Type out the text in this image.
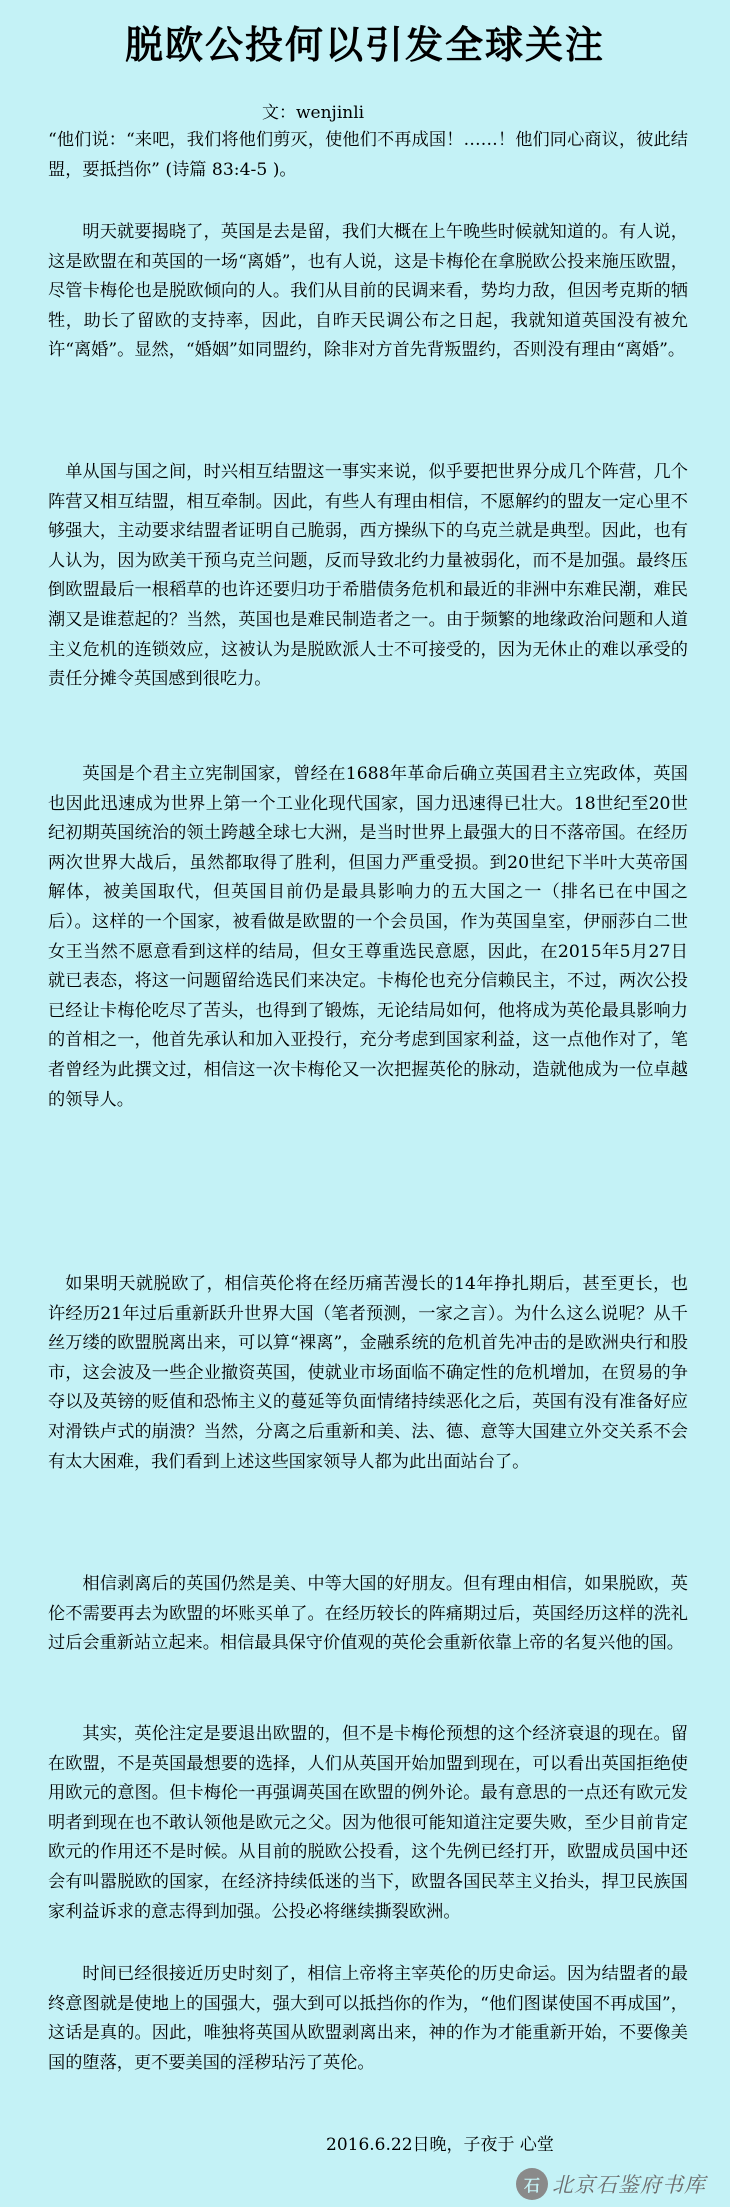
脱欧公投何以引发全球关注
文：wenjinli

“他们说：“来吧，我们将他们剪灭，使他们不再成国！……！他们同心商议，彼此结盟，要抵挡你” (诗篇 83:4-5 )。

明天就要揭晓了，英国是去是留，我们大概在上午晚些时候就知道的。有人说，这是欧盟在和英国的一场“离婚”，也有人说，这是卡梅伦在拿脱欧公投来施压欧盟，尽管卡梅伦也是脱欧倾向的人。我们从目前的民调来看，势均力敌，但因考克斯的牺牲，助长了留欧的支持率，因此，自昨天民调公布之日起，我就知道英国没有被允许“离婚”。显然，“婚姻”如同盟约，除非对方首先背叛盟约，否则没有理由“离婚”。

单从国与国之间，时兴相互结盟这一事实来说，似乎要把世界分成几个阵营，几个阵营又相互结盟，相互牵制。因此，有些人有理由相信，不愿解约的盟友一定心里不够强大，主动要求结盟者证明自己脆弱，西方操纵下的乌克兰就是典型。因此，也有人认为，因为欧美干预乌克兰问题，反而导致北约力量被弱化，而不是加强。最终压倒欧盟最后一根稻草的也许还要归功于希腊债务危机和最近的非洲中东难民潮，难民潮又是谁惹起的？当然，英国也是难民制造者之一。由于频繁的地缘政治问题和人道主义危机的连锁效应，这被认为是脱欧派人士不可接受的，因为无休止的难以承受的责任分摊令英国感到很吃力。

英国是个君主立宪制国家，曾经在1688年革命后确立英国君主立宪政体，英国也因此迅速成为世界上第一个工业化现代国家，国力迅速得已壮大。18世纪至20世纪初期英国统治的领土跨越全球七大洲，是当时世界上最强大的日不落帝国。在经历两次世界大战后，虽然都取得了胜利，但国力严重受损。到20世纪下半叶大英帝国解体，被美国取代，但英国目前仍是最具影响力的五大国之一（排名已在中国之后）。这样的一个国家，被看做是欧盟的一个会员国，作为英国皇室，伊丽莎白二世女王当然不愿意看到这样的结局，但女王尊重选民意愿，因此，在2015年5月27日就已表态，将这一问题留给选民们来决定。卡梅伦也充分信赖民主，不过，两次公投已经让卡梅伦吃尽了苦头，也得到了锻炼，无论结局如何，他将成为英伦最具影响力的首相之一，他首先承认和加入亚投行，充分考虑到国家利益，这一点他作对了，笔者曾经为此撰文过，相信这一次卡梅伦又一次把握英伦的脉动，造就他成为一位卓越的领导人。

如果明天就脱欧了，相信英伦将在经历痛苦漫长的14年挣扎期后，甚至更长，也许经历21年过后重新跃升世界大国（笔者预测，一家之言）。为什么这么说呢？从千丝万缕的欧盟脱离出来，可以算“裸离”，金融系统的危机首先冲击的是欧洲央行和股市，这会波及一些企业撤资英国，使就业市场面临不确定性的危机增加，在贸易的争夺以及英镑的贬值和恐怖主义的蔓延等负面情绪持续恶化之后，英国有没有准备好应对滑铁卢式的崩溃？当然，分离之后重新和美、法、德、意等大国建立外交关系不会有太大困难，我们看到上述这些国家领导人都为此出面站台了。

相信剥离后的英国仍然是美、中等大国的好朋友。但有理由相信，如果脱欧，英伦不需要再去为欧盟的坏账买单了。在经历较长的阵痛期过后，英国经历这样的洗礼过后会重新站立起来。相信最具保守价值观的英伦会重新依靠上帝的名复兴他的国。

其实，英伦注定是要退出欧盟的，但不是卡梅伦预想的这个经济衰退的现在。留在欧盟，不是英国最想要的选择，人们从英国开始加盟到现在，可以看出英国拒绝使用欧元的意图。但卡梅伦一再强调英国在欧盟的例外论。最有意思的一点还有欧元发明者到现在也不敢认领他是欧元之父。因为他很可能知道注定要失败，至少目前肯定欧元的作用还不是时候。从目前的脱欧公投看，这个先例已经打开，欧盟成员国中还会有叫嚣脱欧的国家，在经济持续低迷的当下，欧盟各国民萃主义抬头，捍卫民族国家利益诉求的意志得到加强。公投必将继续撕裂欧洲。

时间已经很接近历史时刻了，相信上帝将主宰英伦的历史命运。因为结盟者的最终意图就是使地上的国强大，强大到可以抵挡你的作为，“他们图谋使国不再成国”，这话是真的。因此，唯独将英国从欧盟剥离出来，神的作为才能重新开始，不要像美国的堕落，更不要美国的淫秽玷污了英伦。

2016.6.22日晚，子夜于 心堂
石 北京石鉴府书库
